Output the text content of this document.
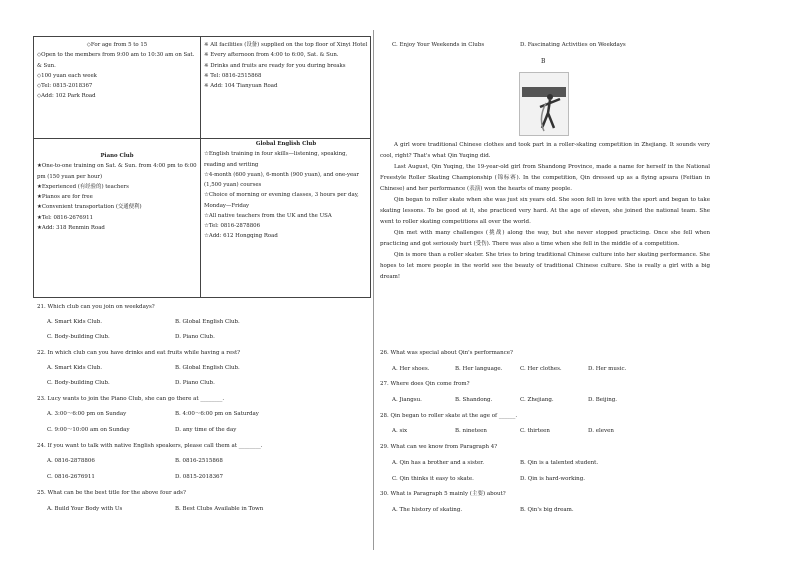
◇For age from 5 to 15

◇Open to the members from 9:00 am to 10:30 am on Sat. & Sun.

◇100 yuan each week

◇Tel: 0815-2018367

◇Add: 102 Park Road

※ All facilities (设备) supplied on the top floor of Xinyi Hotel

※ Every afternoon from 4:00 to 6:00, Sat. & Sun.

※ Drinks and fruits are ready for you during breaks

※ Tel: 0816-2515868

※ Add: 104 Tianyuan Road

Piano Club

★One-to-one training on Sat. & Sun. from 4:00 pm to 6:00 pm (150 yuan per hour)

★Experienced (有经验的) teachers

★Pianos are for free

★Convenient transportation (交通便利)

★Tel: 0816-2676911

★Add: 318 Renmin Road

Global English Club

☆English training in four skills—listening, speaking, reading and writing

☆4-month (600 yuan), 6-month (900 yuan), and one-year (1,500 yuan) courses

☆Choice of morning or evening classes, 3 hours per day, Monday—Friday

☆All native teachers from the UK and the USA

☆Tel: 0816-2878806

☆Add: 612 Hongqing Road

21. Which club can you join on weekdays?
A. Smart Kids Club.	B. Global English Club.
C. Body-building Club.	D. Piano Club.
22. In which club can you have drinks and eat fruits while having a rest?
A. Smart Kids Club.	B. Global English Club.
C. Body-building Club.	D. Piano Club.
23. Lucy wants to join the Piano Club, she can go there at ________.
A. 3:00～6:00 pm on Sunday	B. 4:00～6:00 pm on Saturday
C. 9:00～10:00 am on Sunday	D. any time of the day
24. If you want to talk with native English speakers, please call them at ________.
A. 0816-2878806	B. 0816-2515868
C. 0816-2676911	D. 0815-2018367
25. What can be the best title for the above four ads?
A. Build Your Body with Us	B. Best Clubs Available in Town
C. Enjoy Your Weekends in Clubs	D. Fascinating Activities on Weekdays
B

A girl wore traditional Chinese clothes and took part in a roller-skating competition in Zhejiang. It sounds very cool, right? That's what Qin Yuqing did.

Last August, Qin Yuqing, the 19-year-old girl from Shandong Province, made a name for herself in the National Freestyle Roller Skating Championship (锦标赛). In the competition, Qin dressed up as a flying apsara (Feitian in Chinese) and her performance (表演) won the hearts of many people.

Qin began to roller skate when she was just six years old. She soon fell in love with the sport and began to take skating lessons. To be good at it, she practiced very hard. At the age of eleven, she joined the national team. She went to roller skating competitions all over the world.

Qin met with many challenges (挑战) along the way, but she never stopped practicing. Once she fell when practicing and got seriously hurt (受伤). There was also a time when she fell in the middle of a competition.

Qin is more than a roller skater. She tries to bring traditional Chinese culture into her skating performance. She hopes to let more people in the world see the beauty of traditional Chinese culture. She is really a girl with a big dream!

26. What was special about Qin's performance?
A. Her shoes.	B. Her language.	C. Her clothes.	D. Her music.
27. Where does Qin come from?
A. Jiangsu.	B. Shandong.	C. Zhejiang.	D. Beijing.
28. Qin began to roller skate at the age of ______.
A. six	B. nineteen	C. thirteen	D. eleven
29. What can we know from Paragraph 4?
A. Qin has a brother and a sister.	B. Qin is a talented student.
C. Qin thinks it easy to skate.	D. Qin is hard-working.
30. What is Paragraph 5 mainly (主要) about?
A. The history of skating.	B. Qin's big dream.
